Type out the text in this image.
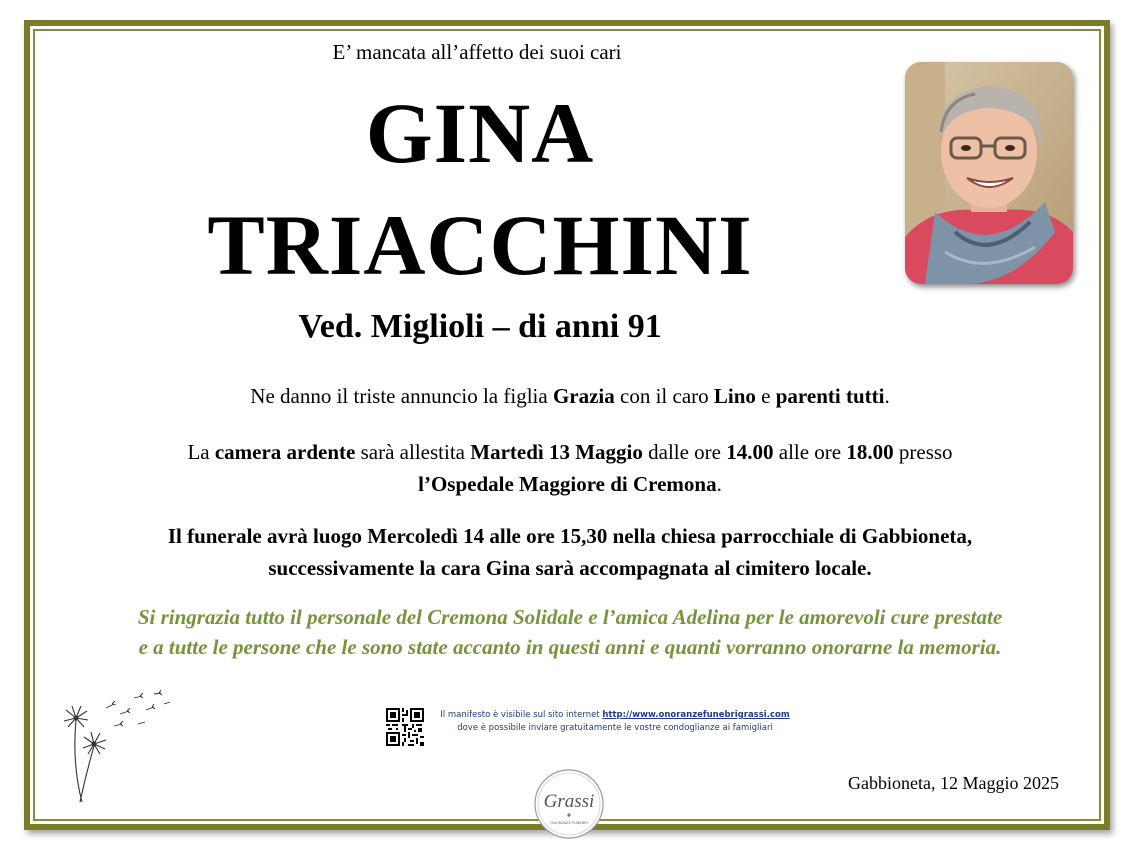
E’ mancata all’affetto dei suoi cari
GINA
TRIACCHINI
Ved. Miglioli – di anni 91
Ne danno il triste annuncio la figlia Grazia con il caro Lino e parenti tutti.
La camera ardente sarà allestita Martedì 13 Maggio dalle ore 14.00 alle ore 18.00 presso
l’Ospedale Maggiore di Cremona.
Il funerale avrà luogo Mercoledì 14 alle ore 15,30 nella chiesa parrocchiale di Gabbioneta,
successivamente la cara Gina sarà accompagnata al cimitero locale.
Si ringrazia tutto il personale del Cremona Solidale e l’amica Adelina per le amorevoli cure prestate
e a tutte le persone che le sono state accanto in questi anni e quanti vorranno onorarne la memoria.
Il manifesto è visibile sul sito internet http://www.onoranzefunebrigrassi.com
dove è possibile inviare gratuitamente le vostre condoglianze ai famigliari
Grassi
ONORANZE FUNEBRI
Gabbioneta, 12 Maggio 2025
